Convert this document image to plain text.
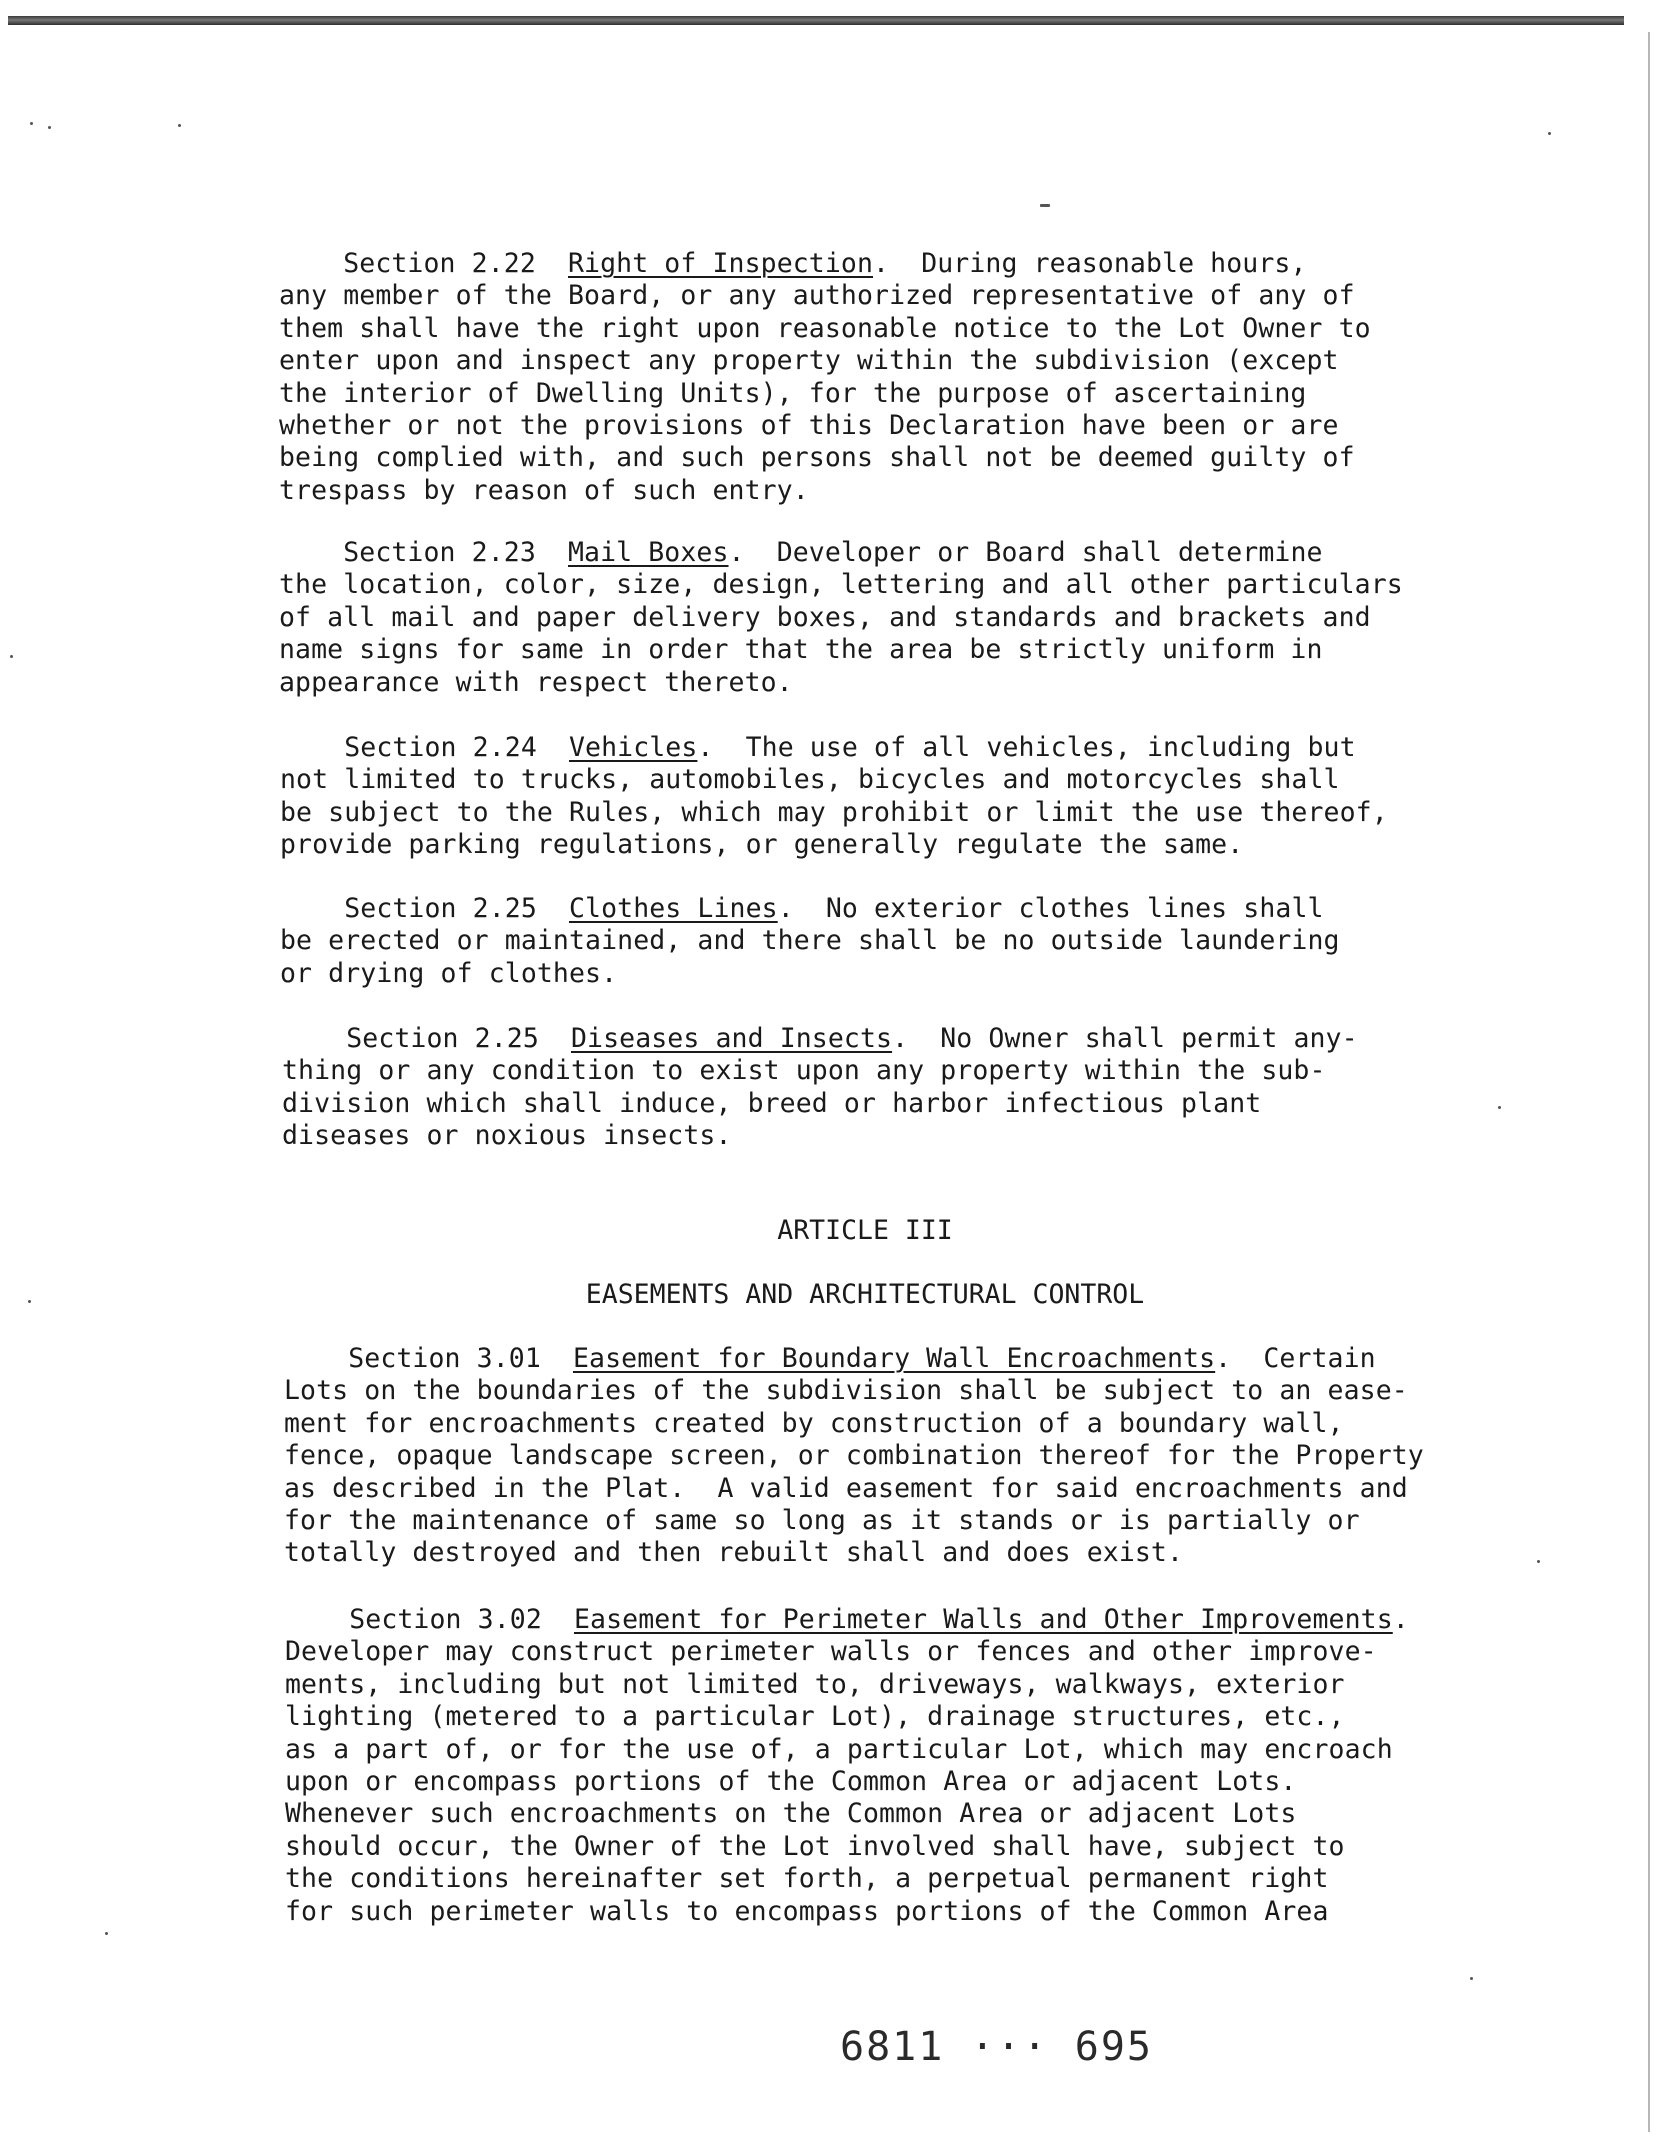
Section 2.22 Right of Inspection.  During reasonable hours,
any member of the Board, or any authorized representative of any of
them shall have the right upon reasonable notice to the Lot Owner to
enter upon and inspect any property within the subdivision (except
the interior of Dwelling Units), for the purpose of ascertaining
whether or not the provisions of this Declaration have been or are
being complied with, and such persons shall not be deemed guilty of
trespass by reason of such entry.

Section 2.23 Mail Boxes.  Developer or Board shall determine
the location, color, size, design, lettering and all other particulars
of all mail and paper delivery boxes, and standards and brackets and
name signs for same in order that the area be strictly uniform in
appearance with respect thereto.

Section 2.24 Vehicles.  The use of all vehicles, including but
not limited to trucks, automobiles, bicycles and motorcycles shall
be subject to the Rules, which may prohibit or limit the use thereof,
provide parking regulations, or generally regulate the same.

Section 2.25 Clothes Lines.  No exterior clothes lines shall
be erected or maintained, and there shall be no outside laundering
or drying of clothes.

Section 2.25 Diseases and Insects.  No Owner shall permit any-
thing or any condition to exist upon any property within the sub-
division which shall induce, breed or harbor infectious plant
diseases or noxious insects.

ARTICLE III

EASEMENTS AND ARCHITECTURAL CONTROL

Section 3.01 Easement for Boundary Wall Encroachments.  Certain
Lots on the boundaries of the subdivision shall be subject to an ease-
ment for encroachments created by construction of a boundary wall,
fence, opaque landscape screen, or combination thereof for the Property
as described in the Plat.  A valid easement for said encroachments and
for the maintenance of same so long as it stands or is partially or
totally destroyed and then rebuilt shall and does exist.

Section 3.02 Easement for Perimeter Walls and Other Improvements.
Developer may construct perimeter walls or fences and other improve-
ments, including but not limited to, driveways, walkways, exterior
lighting (metered to a particular Lot), drainage structures, etc.,
as a part of, or for the use of, a particular Lot, which may encroach
upon or encompass portions of the Common Area or adjacent Lots.
Whenever such encroachments on the Common Area or adjacent Lots
should occur, the Owner of the Lot involved shall have, subject to
the conditions hereinafter set forth, a perpetual permanent right
for such perimeter walls to encompass portions of the Common Area

6811 ··· 695
